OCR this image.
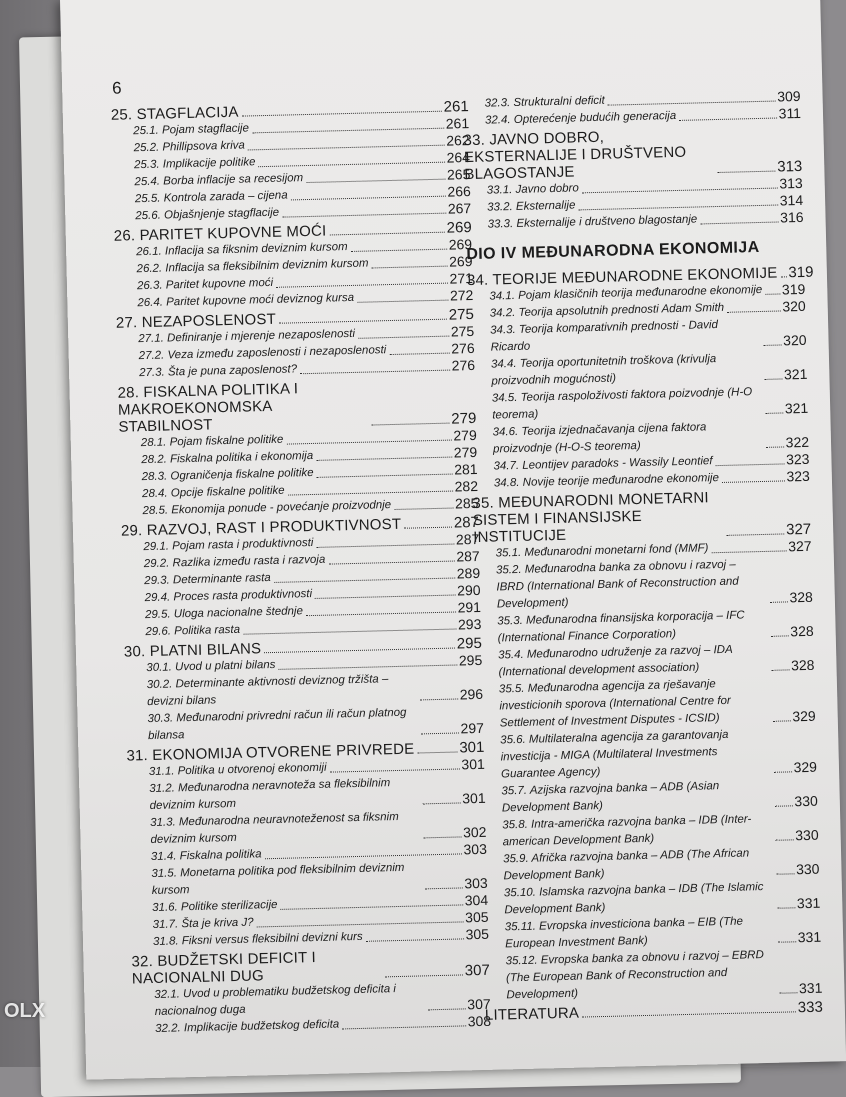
6
25. STAGFLACIJA	261
25.1. Pojam stagflacije	261
25.2. Phillipsova kriva	262
25.3. Implikacije politike	264
25.4. Borba inflacije sa recesijom	265
25.5. Kontrola zarada – cijena	266
25.6. Objašnjenje stagflacije	267
26. PARITET KUPOVNE MOĆI	269
26.1. Inflacija sa fiksnim deviznim kursom	269
26.2. Inflacija sa fleksibilnim deviznim kursom	269
26.3. Paritet kupovne moći	271
26.4. Paritet kupovne moći deviznog kursa	272
27. NEZAPOSLENOST	275
27.1. Definiranje i mjerenje nezaposlenosti	275
27.2. Veza između zaposlenosti i nezaposlenosti	276
27.3. Šta je puna zaposlenost?	276
28. FISKALNA POLITIKA I MAKROEKONOMSKA STABILNOST	279
28.1. Pojam fiskalne politike	279
28.2. Fiskalna politika i ekonomija	279
28.3. Ograničenja fiskalne politike	281
28.4. Opcije fiskalne politike	282
28.5. Ekonomija ponude - povećanje proizvodnje	285
29. RAZVOJ, RAST I PRODUKTIVNOST	287
29.1. Pojam rasta i produktivnosti	287
29.2. Razlika između rasta i razvoja	287
29.3. Determinante rasta	289
29.4. Proces rasta produktivnosti	290
29.5. Uloga nacionalne štednje	291
29.6. Politika rasta	293
30. PLATNI BILANS	295
30.1. Uvod u platni bilans	295
30.2. Determinante aktivnosti deviznog tržišta – devizni bilans	296
30.3. Međunarodni privredni račun ili račun platnog bilansa	297
31. EKONOMIJA OTVORENE PRIVREDE	301
31.1. Politika u otvorenoj ekonomiji	301
31.2. Međunarodna neravnoteža sa fleksibilnim deviznim kursom	301
31.3. Međunarodna neuravnoteženost sa fiksnim deviznim kursom	302
31.4. Fiskalna politika	303
31.5. Monetarna politika pod fleksibilnim deviznim kursom	303
31.6. Politike sterilizacije	304
31.7. Šta je kriva J?	305
31.8. Fiksni versus fleksibilni devizni kurs	305
32. BUDŽETSKI DEFICIT I NACIONALNI DUG	307
32.1. Uvod u problematiku budžetskog deficita i nacionalnog duga	307
32.2. Implikacije budžetskog deficita	308
32.3. Strukturalni deficit	309
32.4. Opterećenje budućih generacija	311
33. JAVNO DOBRO, EKSTERNALIJE I DRUŠTVENO BLAGOSTANJE	313
33.1. Javno dobro	313
33.2. Eksternalije	314
33.3. Eksternalije i društveno blagostanje	316
DIO IV MEĐUNARODNA EKONOMIJA
34. TEORIJE MEĐUNARODNE EKONOMIJE 319
34.1. Pojam klasičnih teorija međunarodne ekonomije 319
34.2. Teorija apsolutnih prednosti Adam Smith	320
34.3. Teorija komparativnih prednosti - David Ricardo	320
34.4. Teorija oportunitetnih troškova (krivulja proizvodnih mogućnosti)	321
34.5. Teorija raspoloživosti faktora poizvodnje (H-O teorema)	321
34.6. Teorija izjednačavanja cijena faktora proizvodnje (H-O-S teorema)	322
34.7. Leontijev paradoks - Wassily Leontief	323
34.8. Novije teorije međunarodne ekonomije	323
35. MEĐUNARODNI MONETARNI SISTEM I FINANSIJSKE INSTITUCIJE	327
35.1. Međunarodni monetarni fond (MMF)	327
35.2. Međunarodna banka za obnovu i razvoj – IBRD (International Bank of Reconstruction and Development)	328
35.3. Međunarodna finansijska korporacija – IFC (International Finance Corporation)	328
35.4. Međunarodno udruženje za razvoj – IDA (International development association)	328
35.5. Međunarodna agencija za rješavanje investicionih sporova (International Centre for Settlement of Investment Disputes - ICSID)	329
35.6. Multilateralna agencija za garantovanja investicija - MIGA (Multilateral Investments Guarantee Agency)	329
35.7. Azijska razvojna banka – ADB (Asian Development Bank)	330
35.8. Intra-američka razvojna banka – IDB (Inter-american Development Bank)	330
35.9. Afrička razvojna banka – ADB (The African Development Bank)	330
35.10. Islamska razvojna banka – IDB (The Islamic Development Bank)	331
35.11. Evropska investiciona banka – EIB (The European Investment Bank)	331
35.12. Evropska banka za obnovu i razvoj – EBRD (The European Bank of Reconstruction and Development)	331
LITERATURA	333
OLX
